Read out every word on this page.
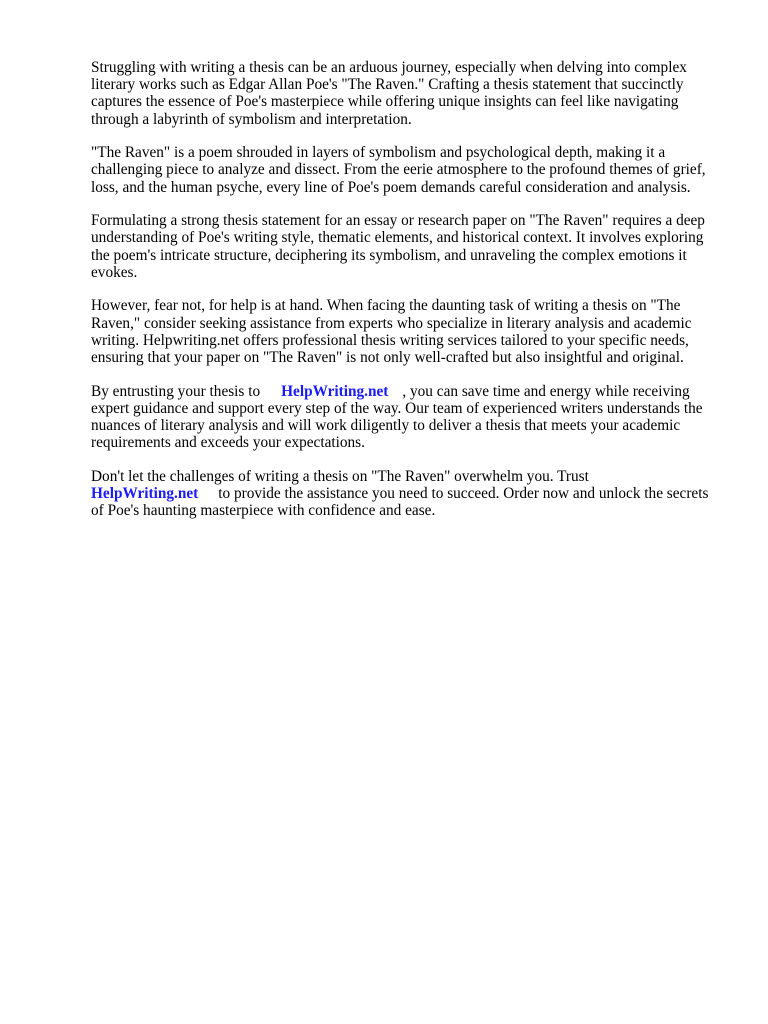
Struggling with writing a thesis can be an arduous journey, especially when delving into complex literary works such as Edgar Allan Poe's "The Raven." Crafting a thesis statement that succinctly captures the essence of Poe's masterpiece while offering unique insights can feel like navigating through a labyrinth of symbolism and interpretation.

"The Raven" is a poem shrouded in layers of symbolism and psychological depth, making it a challenging piece to analyze and dissect. From the eerie atmosphere to the profound themes of grief, loss, and the human psyche, every line of Poe's poem demands careful consideration and analysis.

Formulating a strong thesis statement for an essay or research paper on "The Raven" requires a deep understanding of Poe's writing style, thematic elements, and historical context. It involves exploring the poem's intricate structure, deciphering its symbolism, and unraveling the complex emotions it evokes.

However, fear not, for help is at hand. When facing the daunting task of writing a thesis on "The Raven," consider seeking assistance from experts who specialize in literary analysis and academic writing. Helpwriting.net offers professional thesis writing services tailored to your specific needs, ensuring that your paper on "The Raven" is not only well-crafted but also insightful and original.

By entrusting your thesis to HelpWriting.net , you can save time and energy while receiving expert guidance and support every step of the way. Our team of experienced writers understands the nuances of literary analysis and will work diligently to deliver a thesis that meets your academic requirements and exceeds your expectations.

Don't let the challenges of writing a thesis on "The Raven" overwhelm you. Trust
HelpWriting.net to provide the assistance you need to succeed. Order now and unlock the secrets of Poe's haunting masterpiece with confidence and ease.
